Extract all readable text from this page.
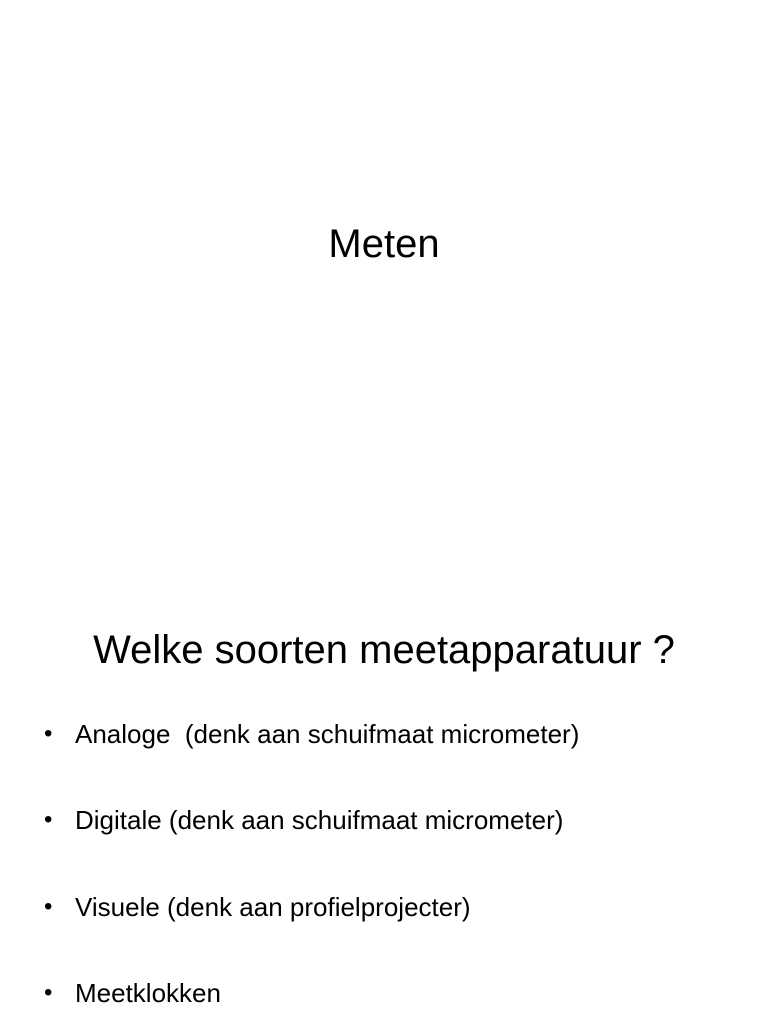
Meten
Welke soorten meetapparatuur ?
• Analoge  (denk aan schuifmaat micrometer)
• Digitale (denk aan schuifmaat micrometer)
• Visuele (denk aan profielprojecter)
• Meetklokken
